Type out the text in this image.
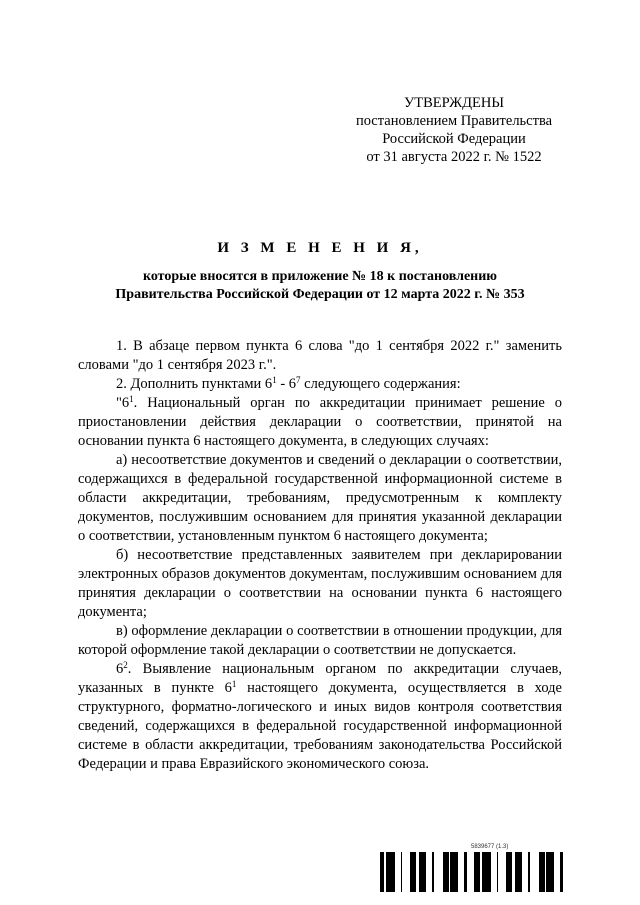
УТВЕРЖДЕНЫ
постановлением Правительства
Российской Федерации
от 31 августа 2022 г. № 1522
И З М Е Н Е Н И Я,
которые вносятся в приложение № 18 к постановлению
Правительства Российской Федерации от 12 марта 2022 г. № 353

1. В абзаце первом пункта 6 слова "до 1 сентября 2022 г." заменить словами "до 1 сентября 2023 г.".

2. Дополнить пунктами $6^1 - 6^7$ следующего содержания:

"$6^1$. Национальный орган по аккредитации принимает решение о приостановлении действия декларации о соответствии, принятой на основании пункта 6 настоящего документа, в следующих случаях:

а) несоответствие документов и сведений о декларации о соответствии, содержащихся в федеральной государственной информационной системе в области аккредитации, требованиям, предусмотренным к комплекту документов, послужившим основанием для принятия указанной декларации о соответствии, установленным пунктом 6 настоящего документа;

б) несоответствие представленных заявителем при декларировании электронных образов документов документам, послужившим основанием для принятия декларации о соответствии на основании пункта 6 настоящего документа;

в) оформление декларации о соответствии в отношении продукции, для которой оформление такой декларации о соответствии не допускается.

$6^2$. Выявление национальным органом по аккредитации случаев, указанных в пункте $6^1$ настоящего документа, осуществляется в ходе структурного, форматно-логического и иных видов контроля соответствия сведений, содержащихся в федеральной государственной информационной системе в области аккредитации, требованиям законодательства Российской Федерации и права Евразийского экономического союза.

5839677 (1.3)
